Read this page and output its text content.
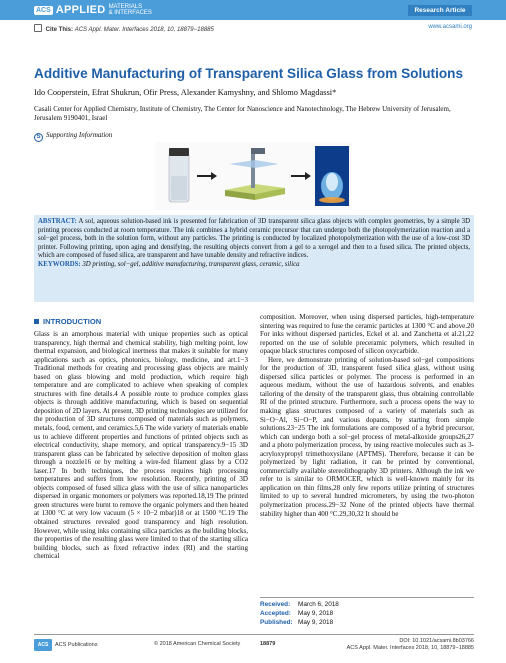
ACS APPLIED MATERIALS
& INTERFACES	Research Article
Cite This: ACS Appl. Mater. Interfaces 2018, 10, 18879−18885	www.acsami.org
Additive Manufacturing of Transparent Silica Glass from Solutions
Ido Cooperstein, Efrat Shukrun, Ofir Press, Alexander Kamyshny, and Shlomo Magdassi*
Casali Center for Applied Chemistry, Institute of Chemistry, The Center for Nanoscience and Nanotechnology, The Hebrew University of Jerusalem, Jerusalem 9190401, Israel
S Supporting Information
ABSTRACT: A sol, aqueous solution-based ink is presented for fabrication of 3D transparent silica glass objects with complex geometries, by a simple 3D printing process conducted at room temperature. The ink combines a hybrid ceramic precursor that can undergo both the photopolymerization reaction and a sol−gel process, both in the solution form, without any particles. The printing is conducted by localized photopolymerization with the use of a low-cost 3D printer. Following printing, upon aging and densifying, the resulting objects convert from a gel to a xerogel and then to a fused silica. The printed objects, which are composed of fused silica, are transparent and have tunable density and refractive indices.
KEYWORDS: 3D printing, sol−gel, additive manufacturing, transparent glass, ceramic, silica
INTRODUCTION

Glass is an amorphous material with unique properties such as optical transparency, high thermal and chemical stability, high melting point, low thermal expansion, and biological inertness that makes it suitable for many applications such as optics, photonics, biology, medicine, and art.1−3 Traditional methods for creating and processing glass objects are mainly based on glass blowing and mold production, which require high temperature and are complicated to achieve when speaking of complex structures with fine details.4 A possible route to produce complex glass objects is through additive manufacturing, which is based on sequential deposition of 2D layers. At present, 3D printing technologies are utilized for the production of 3D structures composed of materials such as polymers, metals, food, cement, and ceramics.5,6 The wide variety of materials enable us to achieve different properties and functions of printed objects such as electrical conductivity, shape memory, and optical transparency.9−15 3D transparent glass can be fabricated by selective deposition of molten glass through a nozzle16 or by melting a wire-fed filament glass by a CO2 laser.17 In both techniques, the process requires high processing temperatures and suffers from low resolution. Recently, printing of 3D objects composed of fused silica glass with the use of silica nanoparticles dispersed in organic monomers or polymers was reported.18,19 The printed green structures were burnt to remove the organic polymers and then heated at 1300 °C at very low vacuum (5 × 10−2 mbar)18 or at 1500 °C.19 The obtained structures revealed good transparency and high resolution. However, while using inks containing silica particles as the building blocks, the properties of the resulting glass were limited to that of the starting silica building blocks, such as fixed refractive index (RI) and the starting chemical

composition. Moreover, when using dispersed particles, high-temperature sintering was required to fuse the ceramic particles at 1300 °C and above.20 For inks without dispersed particles, Eckel et al. and Zanchetta et al.21,22 reported on the use of soluble preceramic polymers, which resulted in opaque black structures composed of silicon oxycarbide.

Here, we demonstrate printing of solution-based sol−gel compositions for the production of 3D, transparent fused silica glass, without using dispersed silica particles or polymer. The process is performed in an aqueous medium, without the use of hazardous solvents, and enables tailoring of the density of the transparent glass, thus obtaining controllable RI of the printed structure. Furthermore, such a process opens the way to making glass structures composed of a variety of materials such as Si−O−Al, Si−O−P, and various dopants, by starting from simple solutions.23−25 The ink formulations are composed of a hybrid precursor, which can undergo both a sol−gel process of metal-alkoxide groups26,27 and a photo polymerization process, by using reactive molecules such as 3-acryloxypropyl trimethoxysilane (APTMS). Therefore, because it can be polymerized by light radiation, it can be printed by conventional, commercially available stereolithography 3D printers. Although the ink we refer to is similar to ORMOCER, which is well-known mainly for its application on thin films,28 only few reports utilize printing of structures limited to up to several hundred micrometers, by using the two-photon polymerization process.29−32 None of the printed objects have thermal stability higher than 400 °C.29,30,32 It should be

Received: March 6, 2018
Accepted: May 9, 2018
Published: May 9, 2018
ACS	ACS Publications	© 2018 American Chemical Society	18879	DOI: 10.1021/acsami.8b03766
ACS Appl. Mater. Interfaces 2018, 10, 18879−18885
